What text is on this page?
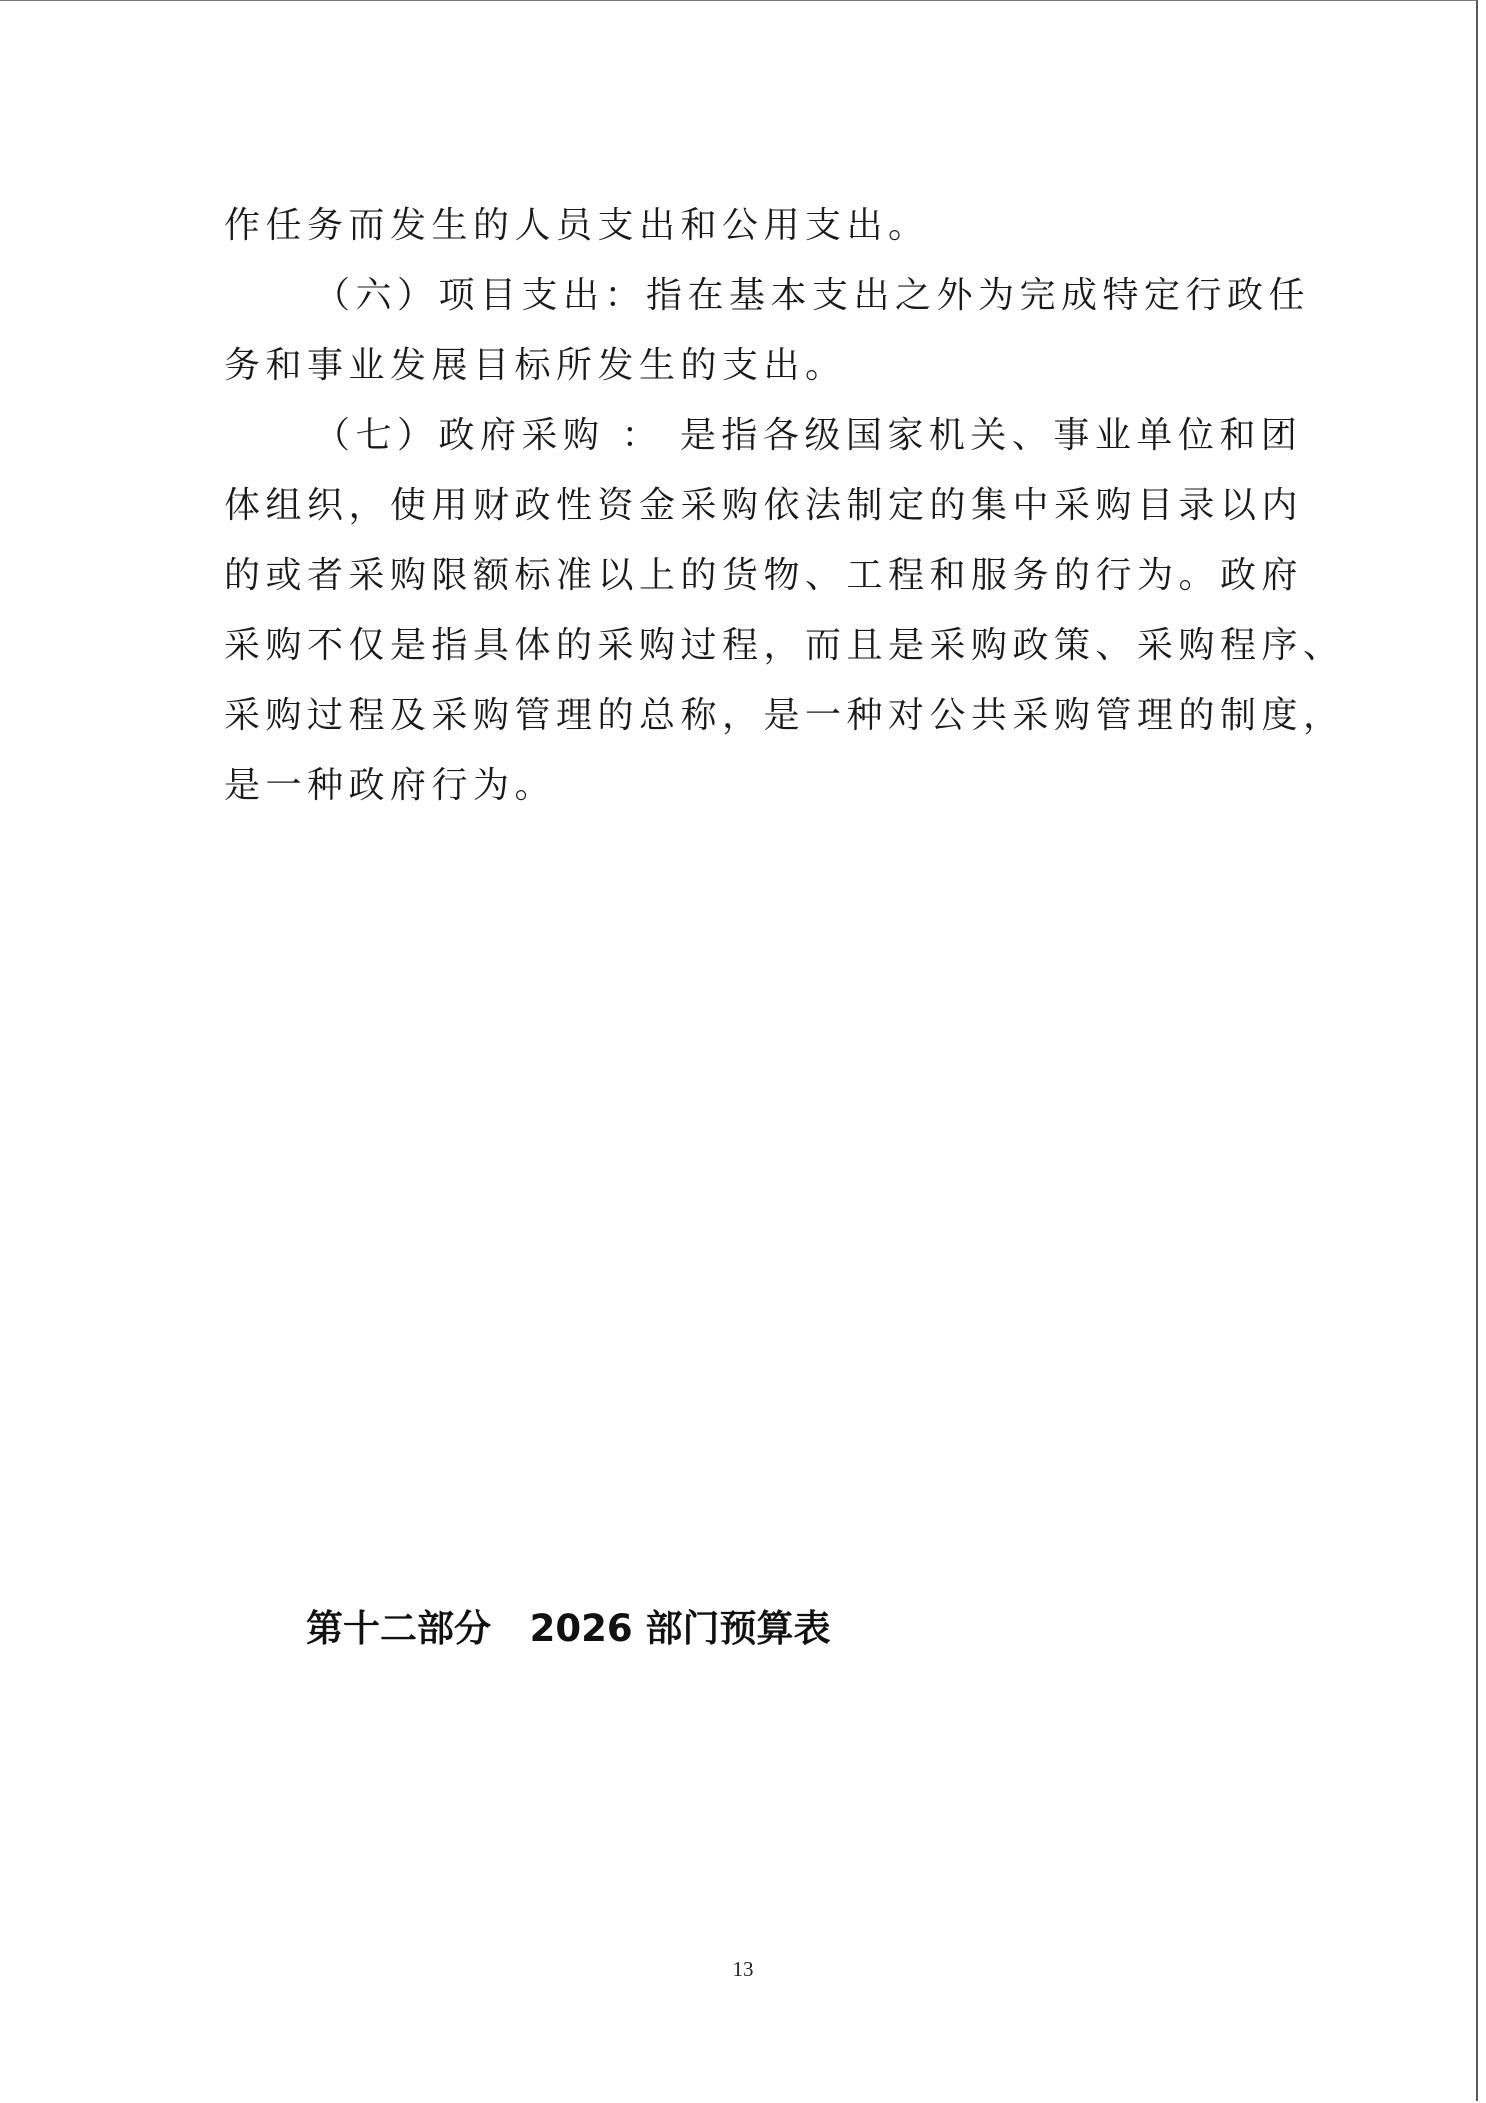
作任务而发生的人员支出和公用支出。
（六）项目支出：指在基本支出之外为完成特定行政任
务和事业发展目标所发生的支出。
（七）政府采购 ： 是指各级国家机关、事业单位和团
体组织，使用财政性资金采购依法制定的集中采购目录以内
的或者采购限额标准以上的货物、工程和服务的行为。政府
采购不仅是指具体的采购过程，而且是采购政策、采购程序、
采购过程及采购管理的总称，是一种对公共采购管理的制度，
是一种政府行为。
第十二部分   2026 部门预算表
13
